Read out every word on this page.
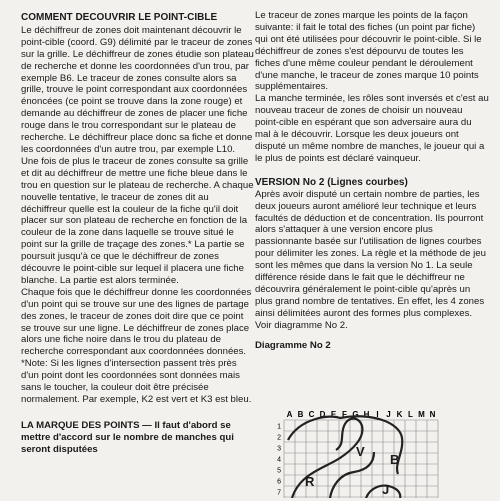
COMMENT DECOUVRIR LE POINT-CIBLE

Le déchiffreur de zones doit maintenant découvrir le point-cible (coord. G9) délimité par le traceur de zones sur la grille. Le déchiffreur de zones étudie son plateau de recherche et donne les coordonnées d'un trou, par exemple B6. Le traceur de zones consulte alors sa grille, trouve le point correspondant aux coordonnées énoncées (ce point se trouve dans la zone rouge) et demande au déchiffreur de zones de placer une fiche rouge dans le trou correspondant sur le plateau de recherche. Le déchiffreur place donc sa fiche et donne les coordonnées d'un autre trou, par exemple L10. Une fois de plus le traceur de zones consulte sa grille et dit au déchiffreur de mettre une fiche bleue dans le trou en question sur le plateau de recherche. A chaque nouvelle tentative, le traceur de zones dit au déchiffreur quelle est la couleur de la fiche qu'il doit placer sur son plateau de recherche en fonction de la couleur de la zone dans laquelle se trouve situé le point sur la grille de traçage des zones.* La partie se poursuit jusqu'à ce que le déchiffreur de zones découvre le point-cible sur lequel il placera une fiche blanche. La partie est alors terminée.

Chaque fois que le déchiffreur donne les coordonnées d'un point qui se trouve sur une des lignes de partage des zones, le traceur de zones doit dire que ce point se trouve sur une ligne. Le déchiffreur de zones place alors une fiche noire dans le trou du plateau de recherche correspondant aux coordonnées données.

*Note: Si les lignes d'intersection passent très près d'un point dont les coordonnées sont données mais sans le toucher, la couleur doit être précisée normalement. Par exemple, K2 est vert et K3 est bleu.

LA MARQUE DES POINTS — Il faut d'abord se mettre d'accord sur le nombre de manches qui seront disputées

Le traceur de zones marque les points de la façon suivante: il fait le total des fiches (un point par fiche) qui ont été utilisées pour découvrir le point-cible. Si le déchiffreur de zones s'est dépourvu de toutes les fiches d'une même couleur pendant le déroulement d'une manche, le traceur de zones marque 10 points supplémentaires.

La manche terminée, les rôles sont inversés et c'est au nouveau traceur de zones de choisir un nouveau point-cible en espérant que son adversaire aura du mal à le découvrir. Lorsque les deux joueurs ont disputé un même nombre de manches, le joueur qui a le plus de points est déclaré vainqueur.

VERSION No 2 (Lignes courbes)

Après avoir disputé un certain nombre de parties, les deux joueurs auront amélioré leur technique et leurs facultés de déduction et de concentration. Ils pourront alors s'attaquer à une version encore plus passionnante basée sur l'utilisation de lignes courbes pour délimiter les zones. La règle et la méthode de jeu sont les mêmes que dans la version No 1. La seule différence réside dans le fait que le déchiffreur ne découvrira généralement le point-cible qu'après un plus grand nombre de tentatives. En effet, les 4 zones ainsi délimitées auront des formes plus complexes. Voir diagramme No 2.

Diagramme No 2

A B C D E F G H I J K L M N
1
2
3
4
5
6
7
R
V
B
J
